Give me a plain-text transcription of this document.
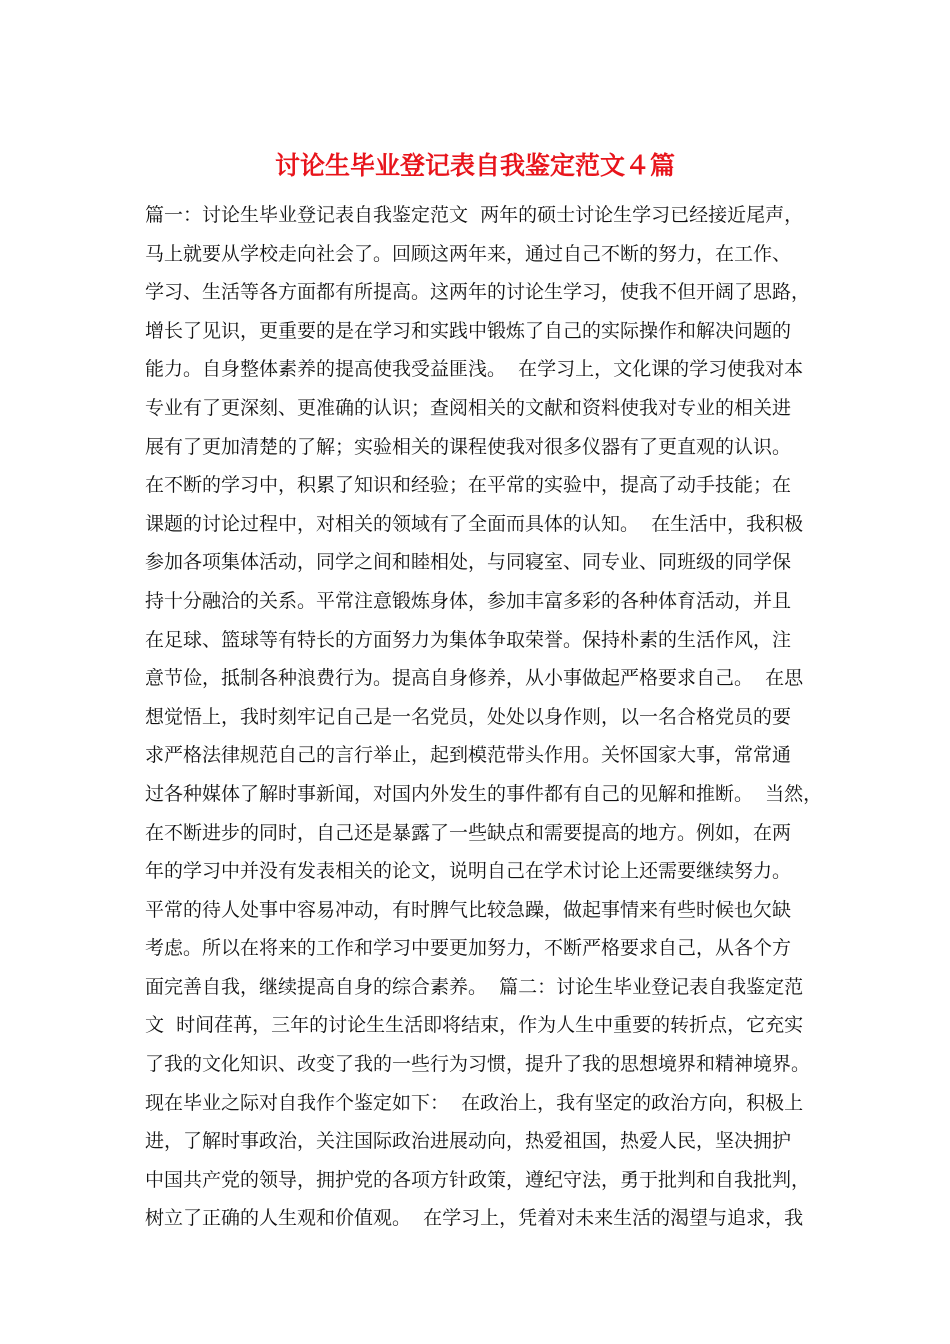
讨论生毕业登记表自我鉴定范文４篇
篇一：讨论生毕业登记表自我鉴定范文  两年的硕士讨论生学习已经接近尾声，
马上就要从学校走向社会了。回顾这两年来，通过自己不断的努力，在工作、
学习、生活等各方面都有所提高。这两年的讨论生学习，使我不但开阔了思路，
增长了见识，更重要的是在学习和实践中锻炼了自己的实际操作和解决问题的
能力。自身整体素养的提高使我受益匪浅。  在学习上，文化课的学习使我对本
专业有了更深刻、更准确的认识；查阅相关的文献和资料使我对专业的相关进
展有了更加清楚的了解；实验相关的课程使我对很多仪器有了更直观的认识。
在不断的学习中，积累了知识和经验；在平常的实验中，提高了动手技能；在
课题的讨论过程中，对相关的领域有了全面而具体的认知。  在生活中，我积极
参加各项集体活动，同学之间和睦相处，与同寝室、同专业、同班级的同学保
持十分融洽的关系。平常注意锻炼身体，参加丰富多彩的各种体育活动，并且
在足球、篮球等有特长的方面努力为集体争取荣誉。保持朴素的生活作风，注
意节俭，抵制各种浪费行为。提高自身修养，从小事做起严格要求自己。  在思
想觉悟上，我时刻牢记自己是一名党员，处处以身作则，以一名合格党员的要
求严格法律规范自己的言行举止，起到模范带头作用。关怀国家大事，常常通
过各种媒体了解时事新闻，对国内外发生的事件都有自己的见解和推断。  当然，
在不断进步的同时，自己还是暴露了一些缺点和需要提高的地方。例如，在两
年的学习中并没有发表相关的论文，说明自己在学术讨论上还需要继续努力。
平常的待人处事中容易冲动，有时脾气比较急躁，做起事情来有些时候也欠缺
考虑。所以在将来的工作和学习中要更加努力，不断严格要求自己，从各个方
面完善自我，继续提高自身的综合素养。  篇二：讨论生毕业登记表自我鉴定范
文  时间荏苒，三年的讨论生生活即将结束，作为人生中重要的转折点，它充实
了我的文化知识、改变了我的一些行为习惯，提升了我的思想境界和精神境界。
现在毕业之际对自我作个鉴定如下：  在政治上，我有坚定的政治方向，积极上
进，了解时事政治，关注国际政治进展动向，热爱祖国，热爱人民，坚决拥护
中国共产党的领导，拥护党的各项方针政策，遵纪守法，勇于批判和自我批判，
树立了正确的人生观和价值观。  在学习上，凭着对未来生活的渴望与追求，我
